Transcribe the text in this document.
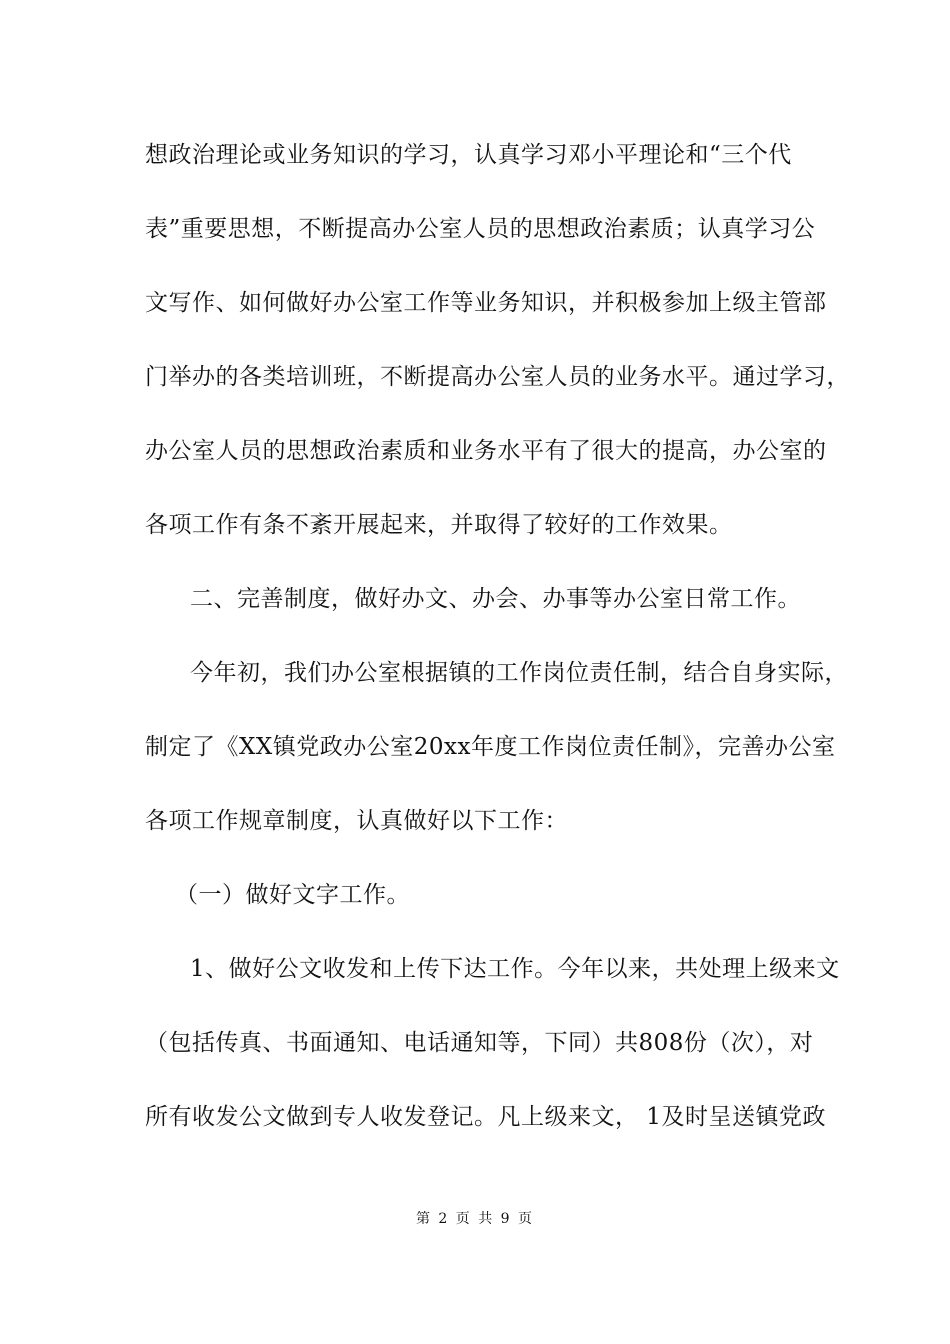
想政治理论或业务知识的学习，认真学习邓小平理论和“三个代
表”重要思想，不断提高办公室人员的思想政治素质；认真学习公
文写作、如何做好办公室工作等业务知识，并积极参加上级主管部
门举办的各类培训班，不断提高办公室人员的业务水平。通过学习，
办公室人员的思想政治素质和业务水平有了很大的提高，办公室的
各项工作有条不紊开展起来，并取得了较好的工作效果。
二、完善制度，做好办文、办会、办事等办公室日常工作。
今年初，我们办公室根据镇的工作岗位责任制，结合自身实际，
制定了《XX镇党政办公室20xx年度工作岗位责任制》，完善办公室
各项工作规章制度，认真做好以下工作：
（一）做好文字工作。
1、做好公文收发和上传下达工作。今年以来，共处理上级来文
（包括传真、书面通知、电话通知等，下同）共808份（次），对
所有收发公文做到专人收发登记。凡上级来文， 1及时呈送镇党政
第 2 页 共 9 页
